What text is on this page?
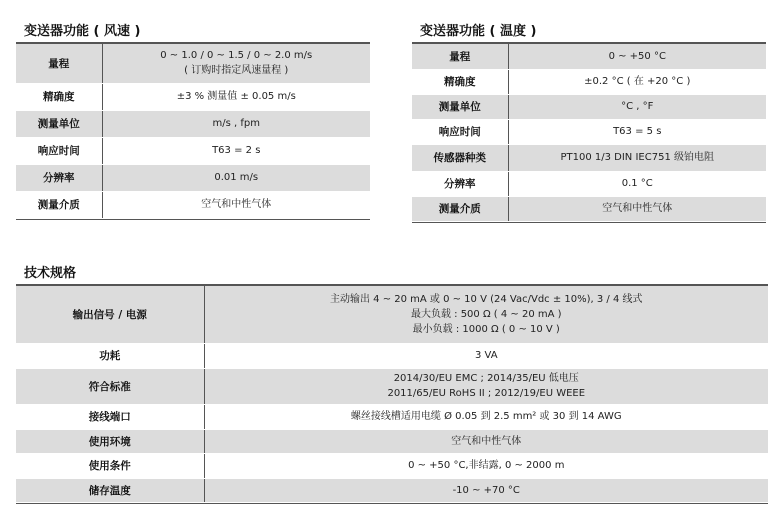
变送器功能 ( 风速 )
量程	0 ~ 1.0 / 0 ~ 1.5 / 0 ~ 2.0 m/s
( 订购时指定风速量程 )

精确度	±3 % 测量值 ± 0.05 m/s

测量单位	m/s , fpm

响应时间	T63 = 2 s

分辨率	0.01 m/s

测量介质	空气和中性气体
变送器功能 ( 温度 )
量程	0 ~ +50 °C

精确度	±0.2 °C ( 在 +20 °C )

测量单位	°C , °F

响应时间	T63 = 5 s

传感器种类	PT100 1/3 DIN IEC751 级铂电阻

分辨率	0.1 °C

测量介质	空气和中性气体
技术规格
输出信号 / 电源	主动输出 4 ~ 20 mA 或 0 ~ 10 V (24 Vac/Vdc ± 10%), 3 / 4 线式
最大负载 : 500 Ω ( 4 ~ 20 mA )
最小负载 : 1000 Ω ( 0 ~ 10 V )

功耗	3 VA

符合标准	2014/30/EU EMC ; 2014/35/EU 低电压
2011/65/EU RoHS II ; 2012/19/EU WEEE

接线端口	螺丝接线槽适用电缆 Ø 0.05 到 2.5 mm² 或 30 到 14 AWG

使用环境	空气和中性气体

使用条件	0 ~ +50 °C,非结露, 0 ~ 2000 m

储存温度	-10 ~ +70 °C
